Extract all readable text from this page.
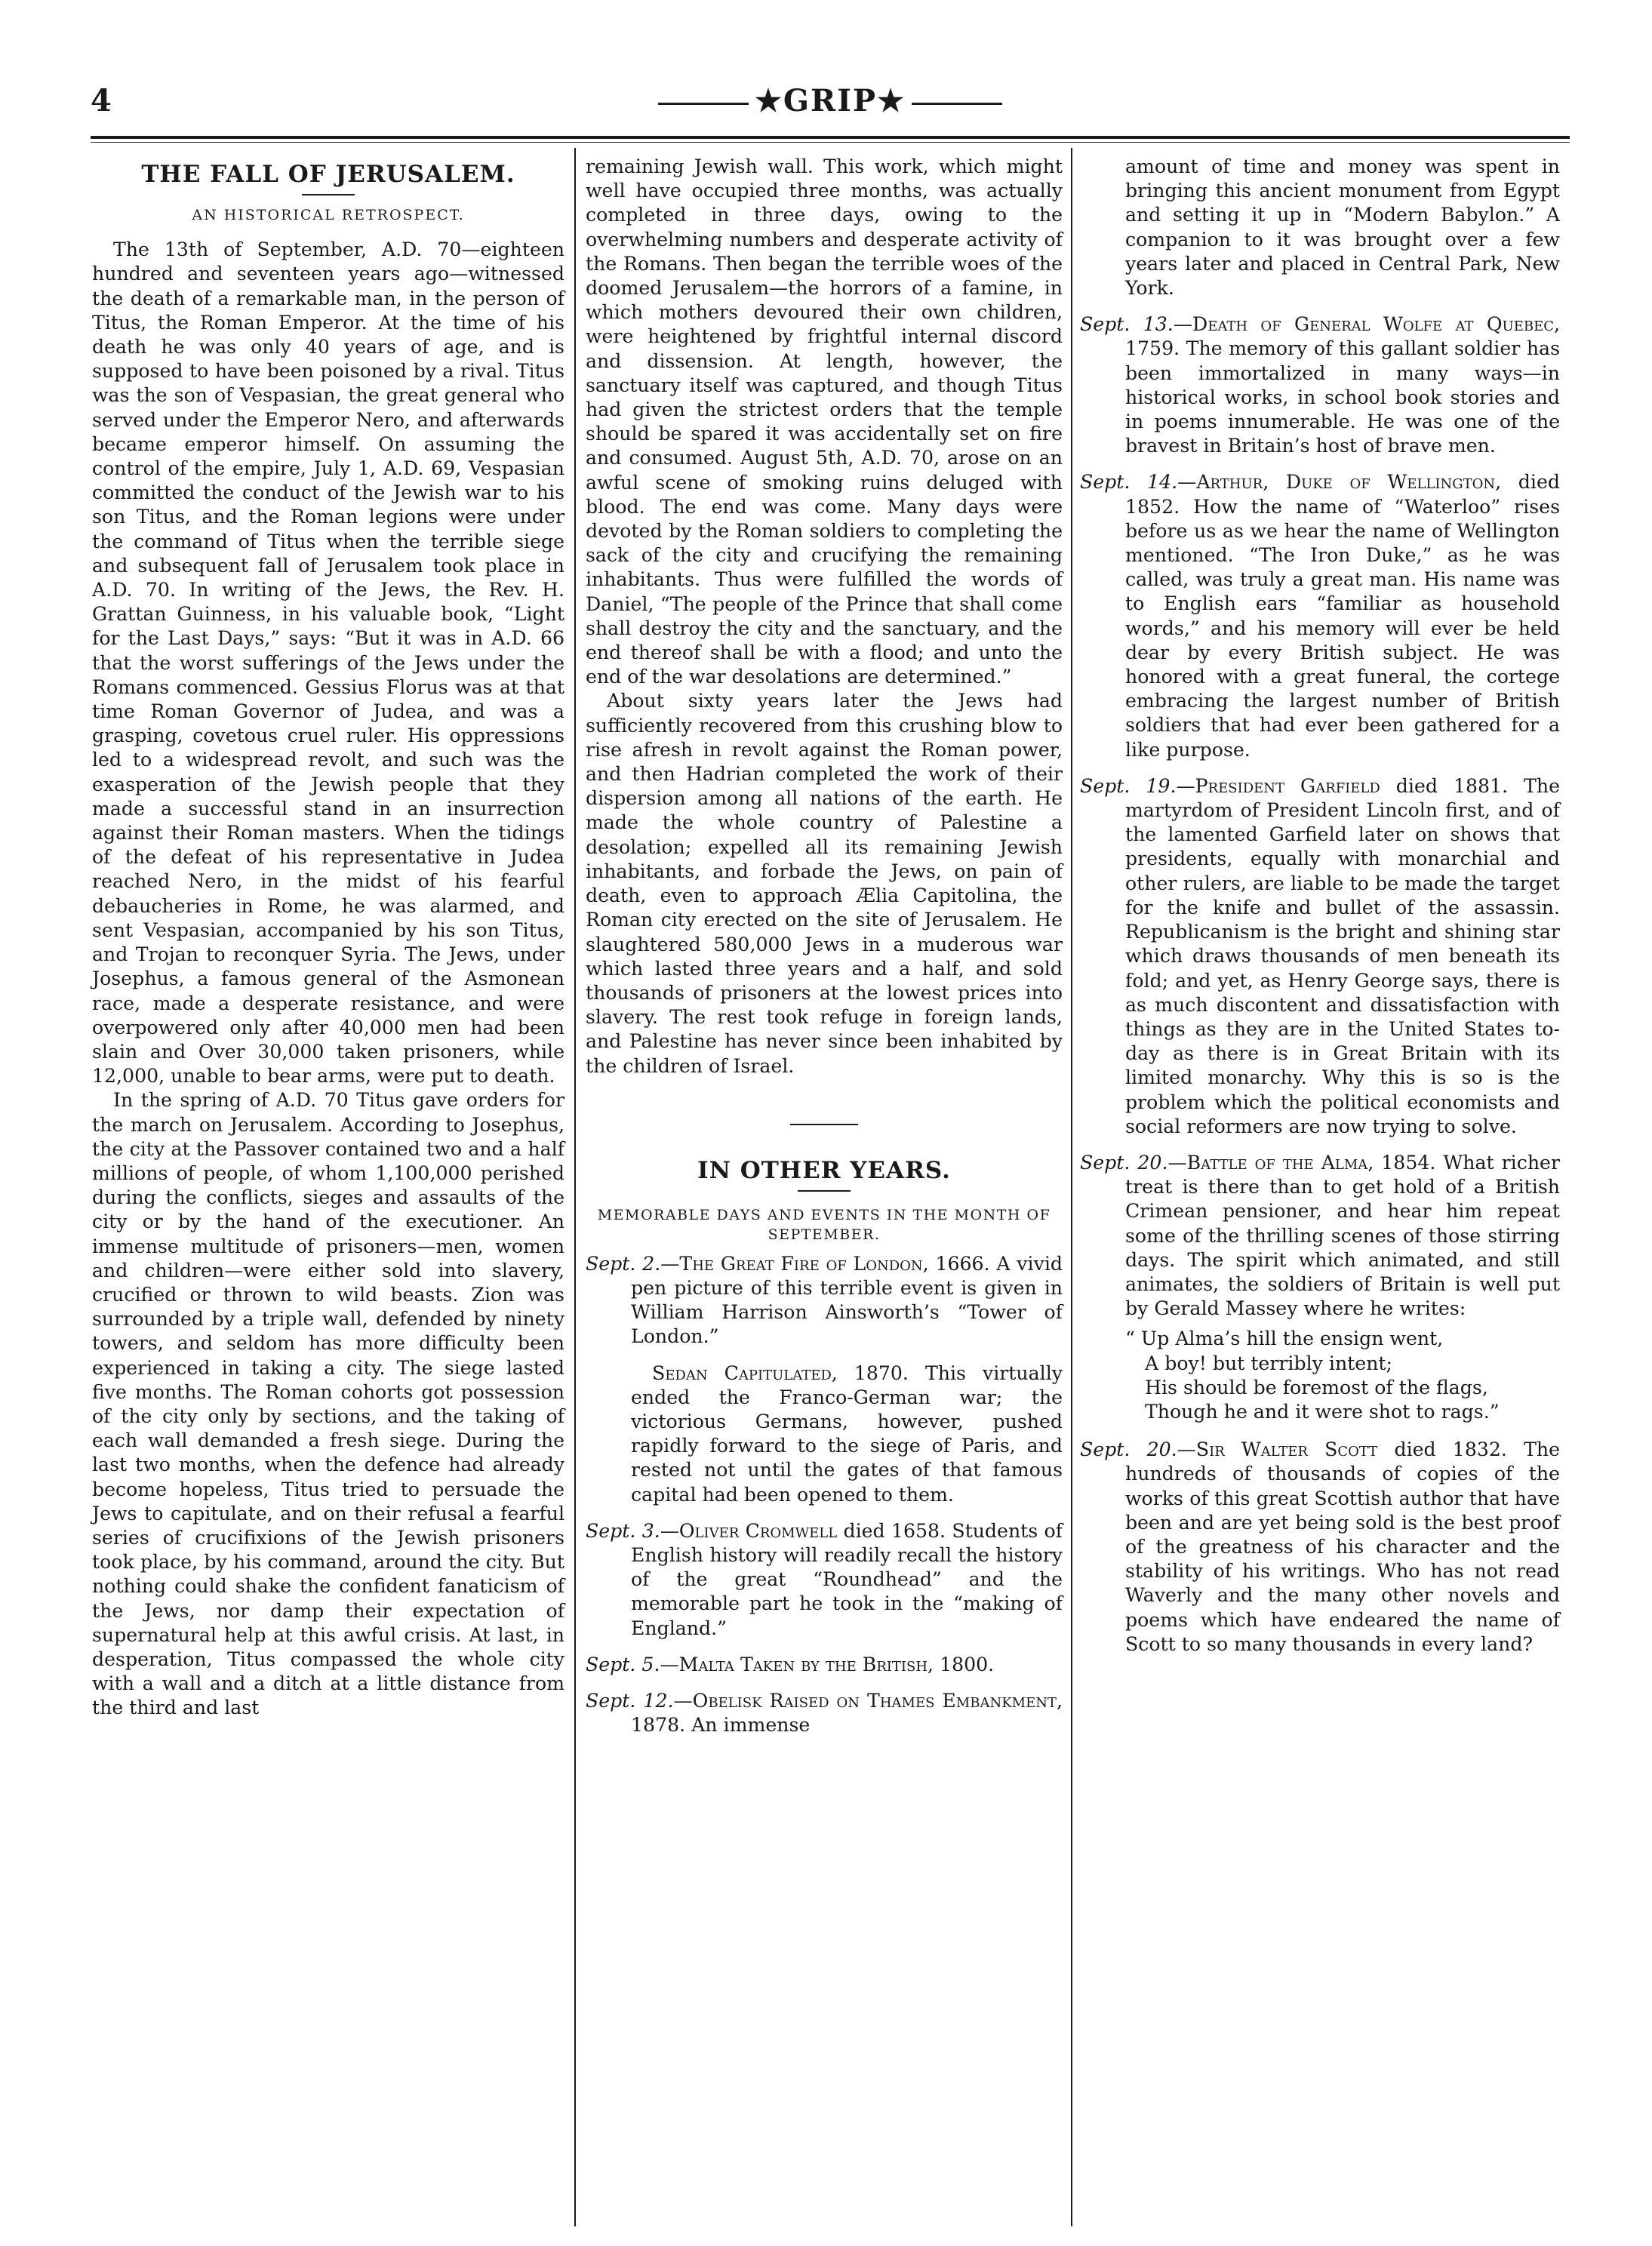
4	★GRIP★
THE FALL OF JERUSALEM.
AN HISTORICAL RETROSPECT.

The 13th of September, A.D. 70—eighteen hundred and seventeen years ago—witnessed the death of a remarkable man, in the person of Titus, the Roman Emperor. At the time of his death he was only 40 years of age, and is supposed to have been poisoned by a rival. Titus was the son of Vespasian, the great general who served under the Emperor Nero, and afterwards became emperor himself. On assuming the control of the empire, July 1, A.D. 69, Vespasian committed the conduct of the Jewish war to his son Titus, and the Roman legions were under the command of Titus when the terrible siege and subsequent fall of Jerusalem took place in A.D. 70. In writing of the Jews, the Rev. H. Grattan Guinness, in his valuable book, “Light for the Last Days,” says: “But it was in A.D. 66 that the worst sufferings of the Jews under the Romans commenced. Gessius Florus was at that time Roman Governor of Judea, and was a grasping, covetous cruel ruler. His oppressions led to a widespread revolt, and such was the exasperation of the Jewish people that they made a successful stand in an insurrection against their Roman masters. When the tidings of the defeat of his representative in Judea reached Nero, in the midst of his fearful debaucheries in Rome, he was alarmed, and sent Vespasian, accompanied by his son Titus, and Trojan to reconquer Syria. The Jews, under Josephus, a famous general of the Asmonean race, made a desperate resistance, and were overpowered only after 40,000 men had been slain and Over 30,000 taken prisoners, while 12,000, unable to bear arms, were put to death.

In the spring of A.D. 70 Titus gave orders for the march on Jerusalem. According to Josephus, the city at the Passover contained two and a half millions of people, of whom 1,100,000 perished during the conflicts, sieges and assaults of the city or by the hand of the executioner. An immense multitude of prisoners—men, women and children—were either sold into slavery, crucified or thrown to wild beasts. Zion was surrounded by a triple wall, defended by ninety towers, and seldom has more difficulty been experienced in taking a city. The siege lasted five months. The Roman cohorts got possession of the city only by sections, and the taking of each wall demanded a fresh siege. During the last two months, when the defence had already become hopeless, Titus tried to persuade the Jews to capitulate, and on their refusal a fearful series of crucifixions of the Jewish prisoners took place, by his command, around the city. But nothing could shake the confident fanaticism of the Jews, nor damp their expectation of supernatural help at this awful crisis. At last, in desperation, Titus compassed the whole city with a wall and a ditch at a little distance from the third and last

remaining Jewish wall. This work, which might well have occupied three months, was actually completed in three days, owing to the overwhelming numbers and desperate activity of the Romans. Then began the terrible woes of the doomed Jerusalem—the horrors of a famine, in which mothers devoured their own children, were heightened by frightful internal discord and dissension. At length, however, the sanctuary itself was captured, and though Titus had given the strictest orders that the temple should be spared it was accidentally set on fire and consumed. August 5th, A.D. 70, arose on an awful scene of smoking ruins deluged with blood. The end was come. Many days were devoted by the Roman soldiers to completing the sack of the city and crucifying the remaining inhabitants. Thus were fulfilled the words of Daniel, “The people of the Prince that shall come shall destroy the city and the sanctuary, and the end thereof shall be with a flood; and unto the end of the war desolations are determined.”

About sixty years later the Jews had sufficiently recovered from this crushing blow to rise afresh in revolt against the Roman power, and then Hadrian completed the work of their dispersion among all nations of the earth. He made the whole country of Palestine a desolation; expelled all its remaining Jewish inhabitants, and forbade the Jews, on pain of death, even to approach Ælia Capitolina, the Roman city erected on the site of Jerusalem. He slaughtered 580,000 Jews in a muderous war which lasted three years and a half, and sold thousands of prisoners at the lowest prices into slavery. The rest took refuge in foreign lands, and Palestine has never since been inhabited by the children of Israel.

IN OTHER YEARS.
MEMORABLE DAYS AND EVENTS IN THE MONTH OF SEPTEMBER.

Sept. 2.—The Great Fire of London, 1666. A vivid pen picture of this terrible event is given in William Harrison Ainsworth’s “Tower of London.”

Sedan Capitulated, 1870. This virtually ended the Franco-German war; the victorious Germans, however, pushed rapidly forward to the siege of Paris, and rested not until the gates of that famous capital had been opened to them.

Sept. 3.—Oliver Cromwell died 1658. Students of English history will readily recall the history of the great “Roundhead” and the memorable part he took in the “making of England.”

Sept. 5.—Malta Taken by the British, 1800.

Sept. 12.—Obelisk Raised on Thames Embankment, 1878. An immense

amount of time and money was spent in bringing this ancient monument from Egypt and setting it up in “Modern Babylon.” A companion to it was brought over a few years later and placed in Central Park, New York.

Sept. 13.—Death of General Wolfe at Quebec, 1759. The memory of this gallant soldier has been immortalized in many ways—in historical works, in school book stories and in poems innumerable. He was one of the bravest in Britain’s host of brave men.

Sept. 14.—Arthur, Duke of Wellington, died 1852. How the name of “Waterloo” rises before us as we hear the name of Wellington mentioned. “The Iron Duke,” as he was called, was truly a great man. His name was to English ears “familiar as household words,” and his memory will ever be held dear by every British subject. He was honored with a great funeral, the cortege embracing the largest number of British soldiers that had ever been gathered for a like purpose.

Sept. 19.—President Garfield died 1881. The martyrdom of President Lincoln first, and of the lamented Garfield later on shows that presidents, equally with monarchial and other rulers, are liable to be made the target for the knife and bullet of the assassin. Republicanism is the bright and shining star which draws thousands of men beneath its fold; and yet, as Henry George says, there is as much discontent and dissatisfaction with things as they are in the United States to-day as there is in Great Britain with its limited monarchy. Why this is so is the problem which the political economists and social reformers are now trying to solve.

Sept. 20.—Battle of the Alma, 1854. What richer treat is there than to get hold of a British Crimean pensioner, and hear him repeat some of the thrilling scenes of those stirring days. The spirit which animated, and still animates, the soldiers of Britain is well put by Gerald Massey where he writes:

“ Up Alma’s hill the ensign went,
A boy! but terribly intent;
His should be foremost of the flags,
Though he and it were shot to rags.”

Sept. 20.—Sir Walter Scott died 1832. The hundreds of thousands of copies of the works of this great Scottish author that have been and are yet being sold is the best proof of the greatness of his character and the stability of his writings. Who has not read Waverly and the many other novels and poems which have endeared the name of Scott to so many thousands in every land?
